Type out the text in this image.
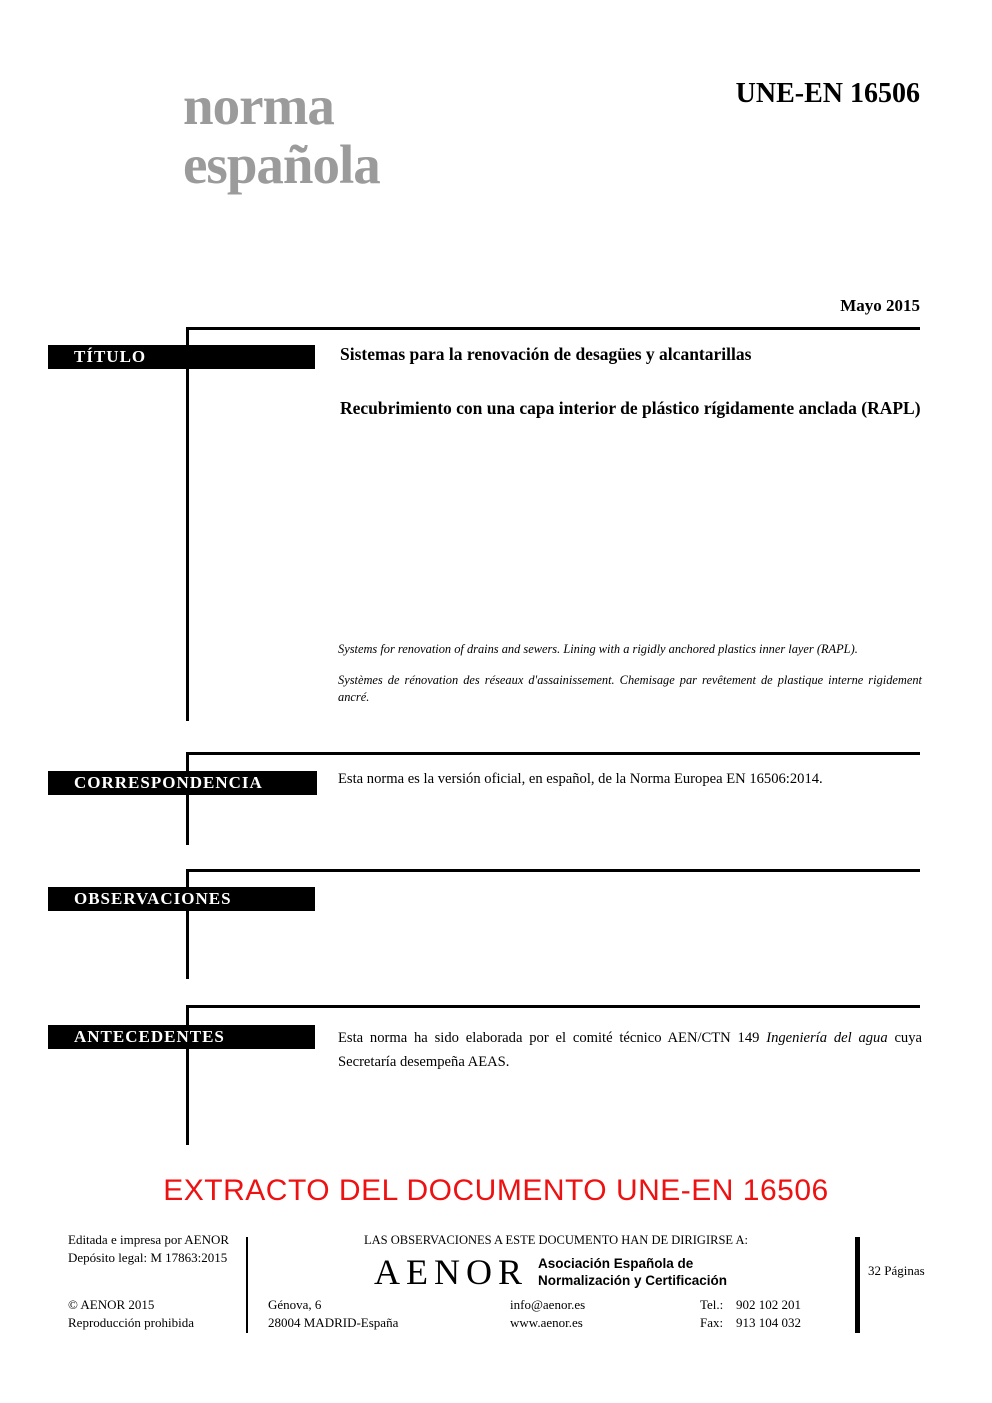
norma
española
UNE-EN 16506
Mayo 2015
TÍTULO
CORRESPONDENCIA
OBSERVACIONES
ANTECEDENTES
Sistemas para la renovación de desagües y alcantarillas
Recubrimiento con una capa interior de plástico rígidamente anclada (RAPL)
Systems for renovation of drains and sewers. Lining with a rigidly anchored plastics inner layer (RAPL).
Systèmes de rénovation des réseaux d'assainissement. Chemisage par revêtement de plastique interne rigidement ancré.
Esta norma es la versión oficial, en español, de la Norma Europea EN 16506:2014.
Esta norma ha sido elaborada por el comité técnico AEN/CTN 149 Ingeniería del agua cuya Secretaría desempeña AEAS.
EXTRACTO DEL DOCUMENTO UNE-EN 16506
Editada e impresa por AENOR
Depósito legal: M 17863:2015
© AENOR 2015
Reproducción prohibida
LAS OBSERVACIONES A ESTE DOCUMENTO HAN DE DIRIGIRSE A:
AENOR Asociación Española de
Normalización y Certificación
Génova, 6
28004 MADRID-España
info@aenor.es
www.aenor.es
Tel.: 902 102 201
Fax: 913 104 032
32 Páginas
